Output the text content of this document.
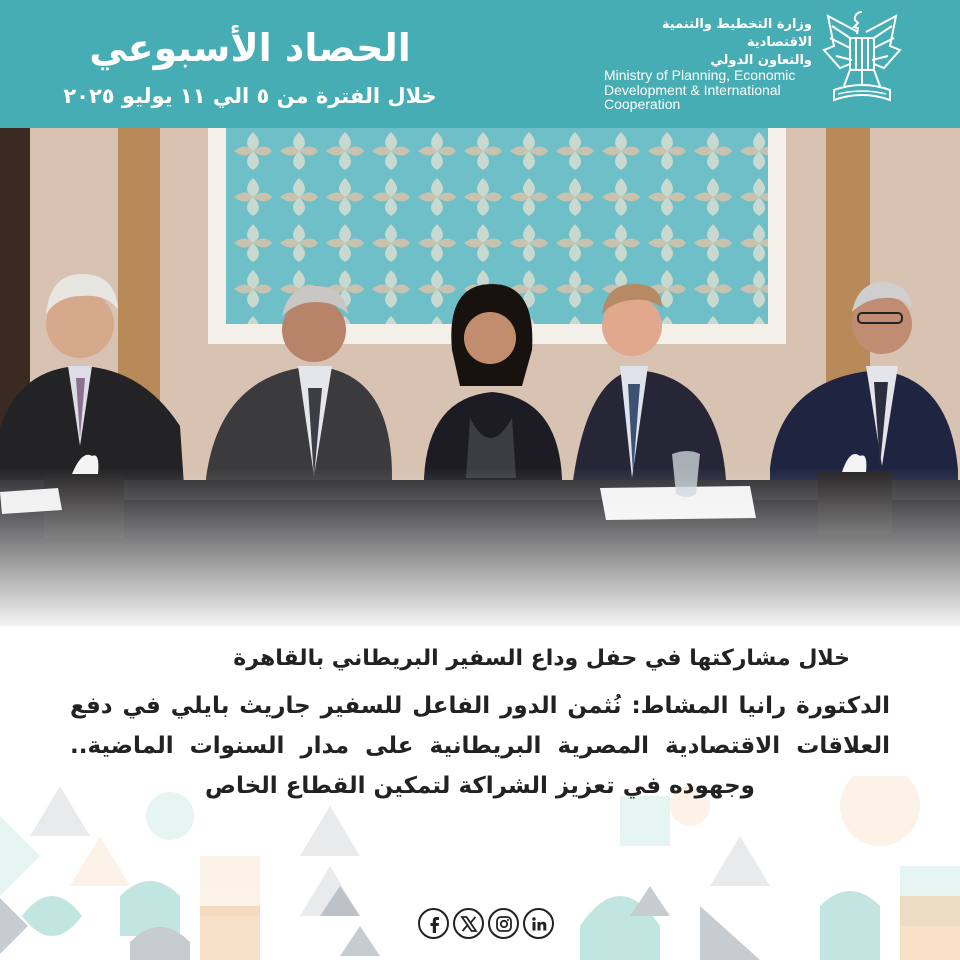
الحصاد الأسبوعي
خلال الفترة من ٥ الي ١١ يوليو ٢٠٢٥
وزارة التخطيط والتنمية الاقتصادية
والتعاون الدولي
Ministry of Planning, Economic
Development & International
Cooperation
خلال مشاركتها في حفل وداع السفير البريطاني بالقاهرة
الدكتورة رانيا المشاط: نُثمن الدور الفاعل للسفير جاريث بايلي في دفع العلاقات الاقتصادية المصرية البريطانية على مدار السنوات الماضية.. وجهوده في تعزيز الشراكة لتمكين القطاع الخاص
